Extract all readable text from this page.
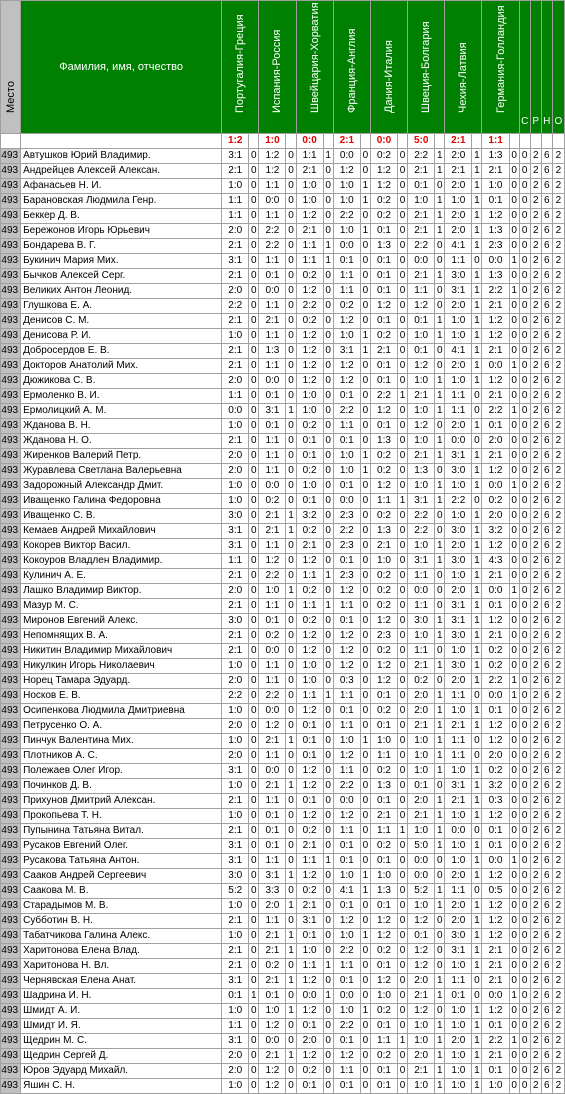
Место	Фамилия, имя, отчество	Португалия-Греция		Испания-Россия		Швейцария-Хорватия		Франция-Англия		Дания-Италия		Швеция-Болгария		Чехия-Латвия		Германия-Голландия		С	Р	Н	О

		1:2		1:0		0:0		2:1		0:0		5:0		2:1		1:1					
493	Автушков Юрий Владимир.	3:1	0	1:2	0	1:1	1	0:0	0	0:2	0	2:2	1	2:0	1	1:3	0	0	2	6	2
493	Андрейцев Алексей Алексан.	2:1	0	1:2	0	2:1	0	1:2	0	1:2	0	2:1	1	2:1	1	2:1	0	0	2	6	2
493	Афанасьев Н. И.	1:0	0	1:1	0	1:0	0	1:0	1	1:2	0	0:1	0	2:0	1	1:0	0	0	2	6	2
493	Барановская Людмила Генр.	1:1	0	0:0	0	1:0	0	1:0	1	0:2	0	1:0	1	1:0	1	0:1	0	0	2	6	2
493	Беккер Д. В.	1:1	0	1:1	0	1:2	0	2:2	0	0:2	0	2:1	1	2:0	1	1:2	0	0	2	6	2
493	Бережонов Игорь Юрьевич	2:0	0	2:2	0	2:1	0	1:0	1	0:1	0	2:1	1	2:0	1	1:3	0	0	2	6	2
493	Бондарева В. Г.	2:1	0	2:2	0	1:1	1	0:0	0	1:3	0	2:2	0	4:1	1	2:3	0	0	2	6	2
493	Букинич Мария Мих.	3:1	0	1:1	0	1:1	1	0:1	0	0:1	0	0:0	0	1:1	0	0:0	1	0	2	6	2
493	Бычков Алексей Серг.	2:1	0	0:1	0	0:2	0	1:1	0	0:1	0	2:1	1	3:0	1	1:3	0	0	2	6	2
493	Великих Антон Леонид.	2:0	0	0:0	0	1:2	0	1:1	0	0:1	0	1:1	0	3:1	1	2:2	1	0	2	6	2
493	Глушкова Е. А.	2:2	0	1:1	0	2:2	0	0:2	0	1:2	0	1:2	0	2:0	1	2:1	0	0	2	6	2
493	Денисов С. М.	2:1	0	2:1	0	0:2	0	1:2	0	0:1	0	0:1	1	1:0	1	1:2	0	0	2	6	2
493	Денисова Р. И.	1:0	0	1:1	0	1:2	0	1:0	1	0:2	0	1:0	1	1:0	1	1:2	0	0	2	6	2
493	Добросердов Е. В.	2:1	0	1:3	0	1:2	0	3:1	1	2:1	0	0:1	0	4:1	1	2:1	0	0	2	6	2
493	Докторов Анатолий Мих.	2:1	0	1:1	0	1:2	0	1:2	0	0:1	0	1:2	0	2:0	1	0:0	1	0	2	6	2
493	Дюжикова С. В.	2:0	0	0:0	0	1:2	0	1:2	0	0:1	0	1:0	1	1:0	1	1:2	0	0	2	6	2
493	Ермоленко В. И.	1:1	0	0:1	0	1:0	0	0:1	0	2:2	1	2:1	1	1:1	0	2:1	0	0	2	6	2
493	Ермолицкий А. М.	0:0	0	3:1	1	1:0	0	2:2	0	1:2	0	1:0	1	1:1	0	2:2	1	0	2	6	2
493	Жданова В. Н.	1:0	0	0:1	0	0:2	0	1:1	0	0:1	0	1:2	0	2:0	1	0:1	0	0	2	6	2
493	Жданова Н. О.	2:1	0	1:1	0	0:1	0	0:1	0	1:3	0	1:0	1	0:0	0	2:0	0	0	2	6	2
493	Жиренков Валерий Петр.	2:0	0	1:1	0	0:1	0	1:0	1	0:2	0	2:1	1	3:1	1	2:1	0	0	2	6	2
493	Журавлева Светлана Валерьевна	2:0	0	1:1	0	0:2	0	1:0	1	0:2	0	1:3	0	3:0	1	1:2	0	0	2	6	2
493	Задорожный Александр Дмит.	1:0	0	0:0	0	1:0	0	0:1	0	1:2	0	1:0	1	1:0	1	0:0	1	0	2	6	2
493	Иващенко Галина Федоровна	1:0	0	0:2	0	0:1	0	0:0	0	1:1	1	3:1	1	2:2	0	0:2	0	0	2	6	2
493	Иващенко С. В.	3:0	0	2:1	1	3:2	0	2:3	0	0:2	0	2:2	0	1:0	1	2:0	0	0	2	6	2
493	Кемаев Андрей Михайлович	3:1	0	2:1	1	0:2	0	2:2	0	1:3	0	2:2	0	3:0	1	3:2	0	0	2	6	2
493	Кокорев Виктор Васил.	3:1	0	1:1	0	2:1	0	2:3	0	2:1	0	1:0	1	2:0	1	1:2	0	0	2	6	2
493	Кокоуров Владлен Владимир.	1:1	0	1:2	0	1:2	0	0:1	0	1:0	0	3:1	1	3:0	1	4:3	0	0	2	6	2
493	Кулинич А. Е.	2:1	0	2:2	0	1:1	1	2:3	0	0:2	0	1:1	0	1:0	1	2:1	0	0	2	6	2
493	Лашко Владимир Виктор.	2:0	0	1:0	1	0:2	0	1:2	0	0:2	0	0:0	0	2:0	1	0:0	1	0	2	6	2
493	Мазур М. С.	2:1	0	1:1	0	1:1	1	1:1	0	0:2	0	1:1	0	3:1	1	0:1	0	0	2	6	2
493	Миронов Евгений Алекс.	3:0	0	0:1	0	0:2	0	0:1	0	1:2	0	3:0	1	3:1	1	1:2	0	0	2	6	2
493	Непомнящих В. А.	2:1	0	0:2	0	1:2	0	1:2	0	2:3	0	1:0	1	3:0	1	2:1	0	0	2	6	2
493	Никитин Владимир Михайлович	2:1	0	0:0	0	1:2	0	1:2	0	0:2	0	1:1	0	1:0	1	0:2	0	0	2	6	2
493	Никулкин Игорь Николаевич	1:0	0	1:1	0	1:0	0	1:2	0	1:2	0	2:1	1	3:0	1	0:2	0	0	2	6	2
493	Норец Тамара Эдуард.	2:0	0	1:1	0	1:0	0	0:3	0	1:2	0	0:2	0	2:0	1	2:2	1	0	2	6	2
493	Носков Е. В.	2:2	0	2:2	0	1:1	1	1:1	0	0:1	0	2:0	1	1:1	0	0:0	1	0	2	6	2
493	Осипенкова Людмила Дмитриевна	1:0	0	0:0	0	1:2	0	0:1	0	0:2	0	2:0	1	1:0	1	0:1	0	0	2	6	2
493	Петрусенко О. А.	2:0	0	1:2	0	0:1	0	1:1	0	0:1	0	2:1	1	2:1	1	1:2	0	0	2	6	2
493	Пинчук Валентина Мих.	1:0	0	2:1	1	0:1	0	1:0	1	1:0	0	1:0	1	1:1	0	1:2	0	0	2	6	2
493	Плотников А. С.	2:0	0	1:1	0	0:1	0	1:2	0	1:1	0	1:0	1	1:1	0	2:0	0	0	2	6	2
493	Полежаев Олег Игор.	3:1	0	0:0	0	1:2	0	1:1	0	0:2	0	1:0	1	1:0	1	0:2	0	0	2	6	2
493	Починков Д. В.	1:0	0	2:1	1	1:2	0	2:2	0	1:3	0	0:1	0	3:1	1	3:2	0	0	2	6	2
493	Прихунов Дмитрий Алексан.	2:1	0	1:1	0	0:1	0	0:0	0	0:1	0	2:0	1	2:1	1	0:3	0	0	2	6	2
493	Прокопьева Т. Н.	1:0	0	0:1	0	1:2	0	1:2	0	2:1	0	2:1	1	1:0	1	1:2	0	0	2	6	2
493	Пупынина Татьяна Витал.	2:1	0	0:1	0	0:2	0	1:1	0	1:1	1	1:0	1	0:0	0	0:1	0	0	2	6	2
493	Русаков Евгений Олег.	3:1	0	0:1	0	2:1	0	0:1	0	0:2	0	5:0	1	1:0	1	0:1	0	0	2	6	2
493	Русакова Татьяна Антон.	3:1	0	1:1	0	1:1	1	0:1	0	0:1	0	0:0	0	1:0	1	0:0	1	0	2	6	2
493	Сааков Андрей Сергеевич	3:0	0	3:1	1	1:2	0	1:0	1	1:0	0	0:0	0	2:0	1	1:2	0	0	2	6	2
493	Саакова М. В.	5:2	0	3:3	0	0:2	0	4:1	1	1:3	0	5:2	1	1:1	0	0:5	0	0	2	6	2
493	Старадымов М. В.	1:0	0	2:0	1	2:1	0	0:1	0	0:1	0	1:0	1	2:0	1	1:2	0	0	2	6	2
493	Субботин В. Н.	2:1	0	1:1	0	3:1	0	1:2	0	1:2	0	1:2	0	2:0	1	1:2	0	0	2	6	2
493	Табатчикова Галина Алекс.	1:0	0	2:1	1	0:1	0	1:0	1	1:2	0	0:1	0	3:0	1	1:2	0	0	2	6	2
493	Харитонова Елена Влад.	2:1	0	2:1	1	1:0	0	2:2	0	0:2	0	1:2	0	3:1	1	2:1	0	0	2	6	2
493	Харитонова Н. Вл.	2:1	0	0:2	0	1:1	1	1:1	0	0:1	0	1:2	0	1:0	1	2:1	0	0	2	6	2
493	Чернявская Елена Анат.	3:1	0	2:1	1	1:2	0	0:1	0	1:2	0	2:0	1	1:1	0	2:1	0	0	2	6	2
493	Шадрина И. Н.	0:1	1	0:1	0	0:0	1	0:0	0	1:0	0	2:1	1	0:1	0	0:0	1	0	2	6	2
493	Шмидт А. И.	1:0	0	1:0	1	1:2	0	1:0	1	0:2	0	1:2	0	1:0	1	1:2	0	0	2	6	2
493	Шмидт И. Я.	1:1	0	1:2	0	0:1	0	2:2	0	0:1	0	1:0	1	1:0	1	0:1	0	0	2	6	2
493	Щедрин М. С.	3:1	0	0:0	0	2:0	0	0:1	0	1:1	1	1:0	1	2:0	1	2:2	1	0	2	6	2
493	Щедрин Сергей Д.	2:0	0	2:1	1	1:2	0	1:2	0	0:2	0	2:0	1	1:0	1	2:1	0	0	2	6	2
493	Юров Эдуард Михайл.	2:0	0	1:2	0	0:2	0	1:1	0	0:1	0	2:1	1	1:0	1	0:1	0	0	2	6	2
493	Яшин С. Н.	1:0	0	1:2	0	0:1	0	0:1	0	0:1	0	1:0	1	1:0	1	1:0	0	0	2	6	2
